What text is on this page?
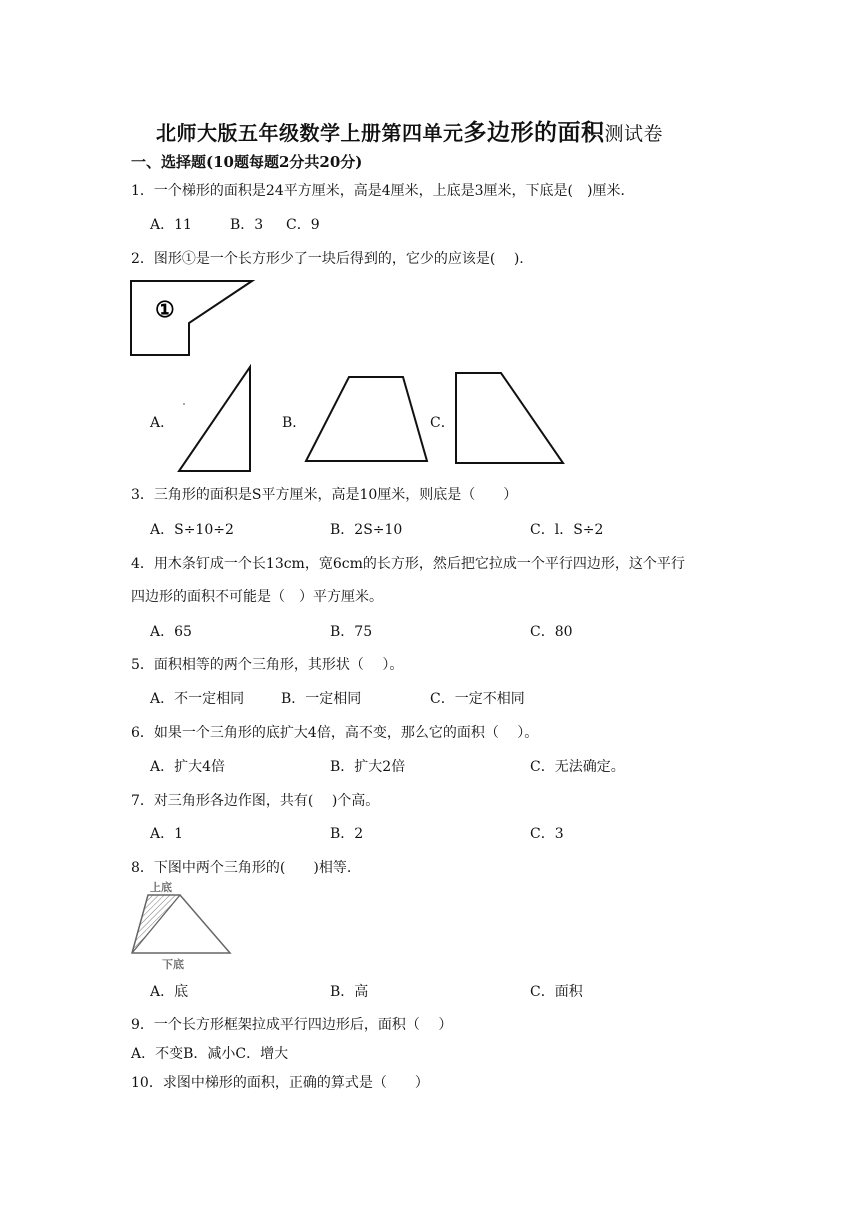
北师大版五年级数学上册第四单元多边形的面积测试卷
一、选择题(10题每题2分共20分)
1．一个梯形的面积是24平方厘米，高是4厘米，上底是3厘米，下底是(　)厘米．
A．11	B．3 C．9
2．图形①是一个长方形少了一块后得到的，它少的应该是(　 ).
①
A．	B．	C．
3．三角形的面积是S平方厘米，高是10厘米，则底是（　　）
A．S÷10÷2	B．2S÷10	C．l．S÷2
4．用木条钉成一个长13cm，宽6cm的长方形，然后把它拉成一个平行四边形，这个平行
四边形的面积不可能是（　）平方厘米。
A．65	B．75	C．80
5．面积相等的两个三角形，其形状（　 ）。
A．不一定相同	B．一定相同	C．一定不相同
6．如果一个三角形的底扩大4倍，高不变，那么它的面积（　 ）。
A．扩大4倍	B．扩大2倍	C．无法确定。
7．对三角形各边作图，共有(　 )个高。
A．1	B．2	C．3
8．下图中两个三角形的(　　)相等.
上底
下底
A．底	B．高	C．面积
9．一个长方形框架拉成平行四边形后，面积（　 ）
A．不变B．减小C．增大
10．求图中梯形的面积，正确的算式是（　　）
